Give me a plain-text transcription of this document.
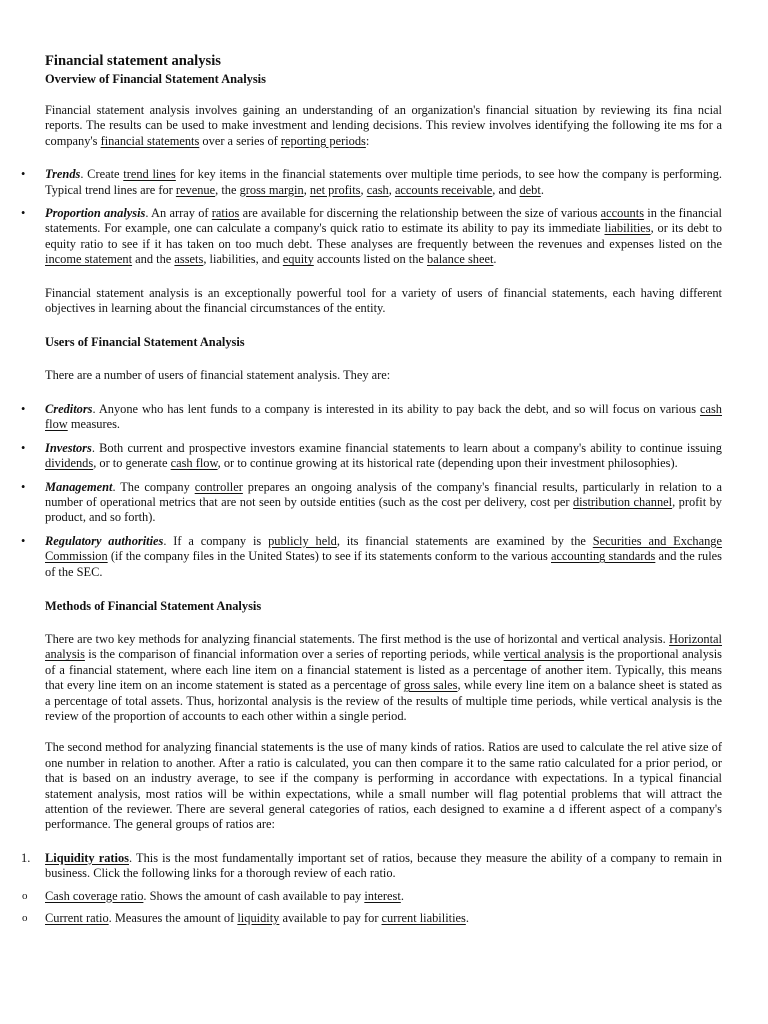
Financial statement analysis
Overview of Financial Statement Analysis

Financial statement analysis involves gaining an understanding of an organization's financial situation by reviewing its fina ncial reports. The results can be used to make investment and lending decisions. This review involves identifying the following ite ms for a company's financial statements over a series of reporting periods:

• Trends. Create trend lines for key items in the financial statements over multiple time periods, to see how the company is performing. Typical trend lines are for revenue, the gross margin, net profits, cash, accounts receivable, and debt.
• Proportion analysis. An array of ratios are available for discerning the relationship between the size of various accounts in the financial statements. For example, one can calculate a company's quick ratio to estimate its ability to pay its immediate liabilities, or its debt to equity ratio to see if it has taken on too much debt. These analyses are frequently between the revenues and expenses listed on the income statement and the assets, liabilities, and equity accounts listed on the balance sheet.

Financial statement analysis is an exceptionally powerful tool for a variety of users of financial statements, each having different objectives in learning about the financial circumstances of the entity.

Users of Financial Statement Analysis

There are a number of users of financial statement analysis. They are:

• Creditors. Anyone who has lent funds to a company is interested in its ability to pay back the debt, and so will focus on various cash flow measures.
• Investors. Both current and prospective investors examine financial statements to learn about a company's ability to continue issuing dividends, or to generate cash flow, or to continue growing at its historical rate (depending upon their investment philosophies).
• Management. The company controller prepares an ongoing analysis of the company's financial results, particularly in relation to a number of operational metrics that are not seen by outside entities (such as the cost per delivery, cost per distribution channel, profit by product, and so forth).
• Regulatory authorities. If a company is publicly held, its financial statements are examined by the Securities and Exchange Commission (if the company files in the United States) to see if its statements conform to the various accounting standards and the rules of the SEC.
Methods of Financial Statement Analysis

There are two key methods for analyzing financial statements. The first method is the use of horizontal and vertical analysis. Horizontal analysis is the comparison of financial information over a series of reporting periods, while vertical analysis is the proportional analysis of a financial statement, where each line item on a financial statement is listed as a percentage of another item. Typically, this means that every line item on an income statement is stated as a percentage of gross sales, while every line item on a balance sheet is stated as a percentage of total assets. Thus, horizontal analysis is the review of the results of multiple time periods, while vertical analysis is the review of the proportion of accounts to each other within a single period.

The second method for analyzing financial statements is the use of many kinds of ratios. Ratios are used to calculate the rel ative size of one number in relation to another. After a ratio is calculated, you can then compare it to the same ratio calculated for a prior period, or that is based on an industry average, to see if the company is performing in accordance with expectations. In a typical financial statement analysis, most ratios will be within expectations, while a small number will flag potential problems that will attract the attention of the reviewer. There are several general categories of ratios, each designed to examine a d ifferent aspect of a company's performance. The general groups of ratios are:

1. Liquidity ratios. This is the most fundamentally important set of ratios, because they measure the ability of a company to remain in business. Click the following links for a thorough review of each ratio.
o Cash coverage ratio. Shows the amount of cash available to pay interest.
o Current ratio. Measures the amount of liquidity available to pay for current liabilities.
